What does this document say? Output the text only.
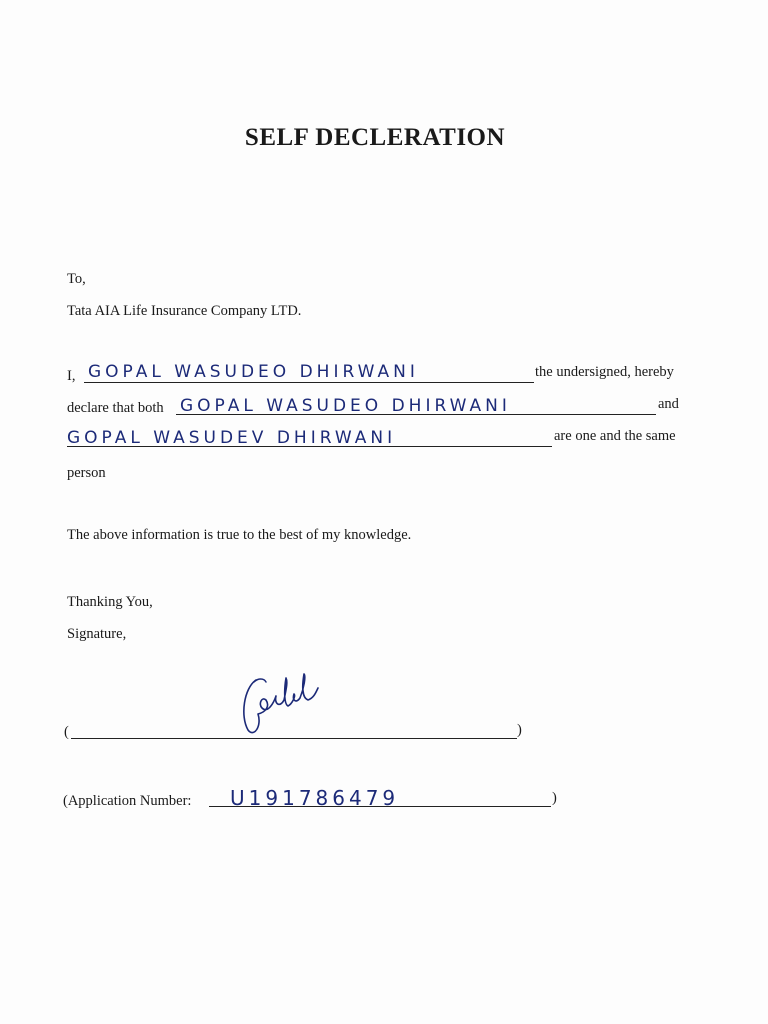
SELF DECLERATION
To,
Tata AIA Life Insurance Company LTD.
I, GOPAL WASUDEO DHIRWANI	the undersigned, hereby
declare that both GOPAL WASUDEO DHIRWANI	and
GOPAL WASUDEV DHIRWANI	are one and the same
person
The above information is true to the best of my knowledge.
Thanking You,
Signature,
(	)
(Application Number: U191786479	)
